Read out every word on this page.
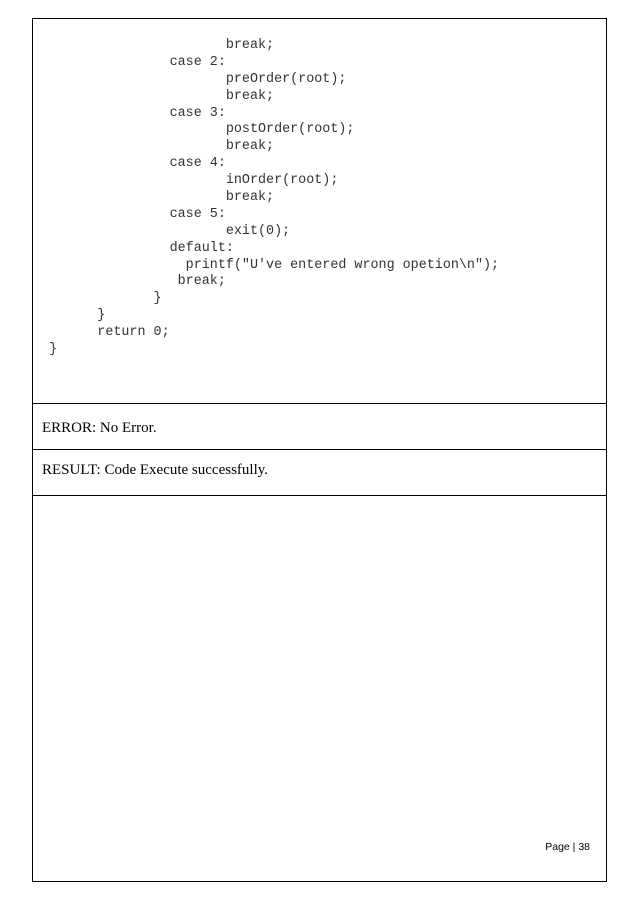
break;
case 2:
preOrder(root);
break;
case 3:
postOrder(root);
break;
case 4:
inOrder(root);
break;
case 5:
exit(0);
default:
printf("U've entered wrong opetion\n");
break;
}
}
return 0;
}
ERROR: No Error.
RESULT: Code Execute successfully.
Page | 38
